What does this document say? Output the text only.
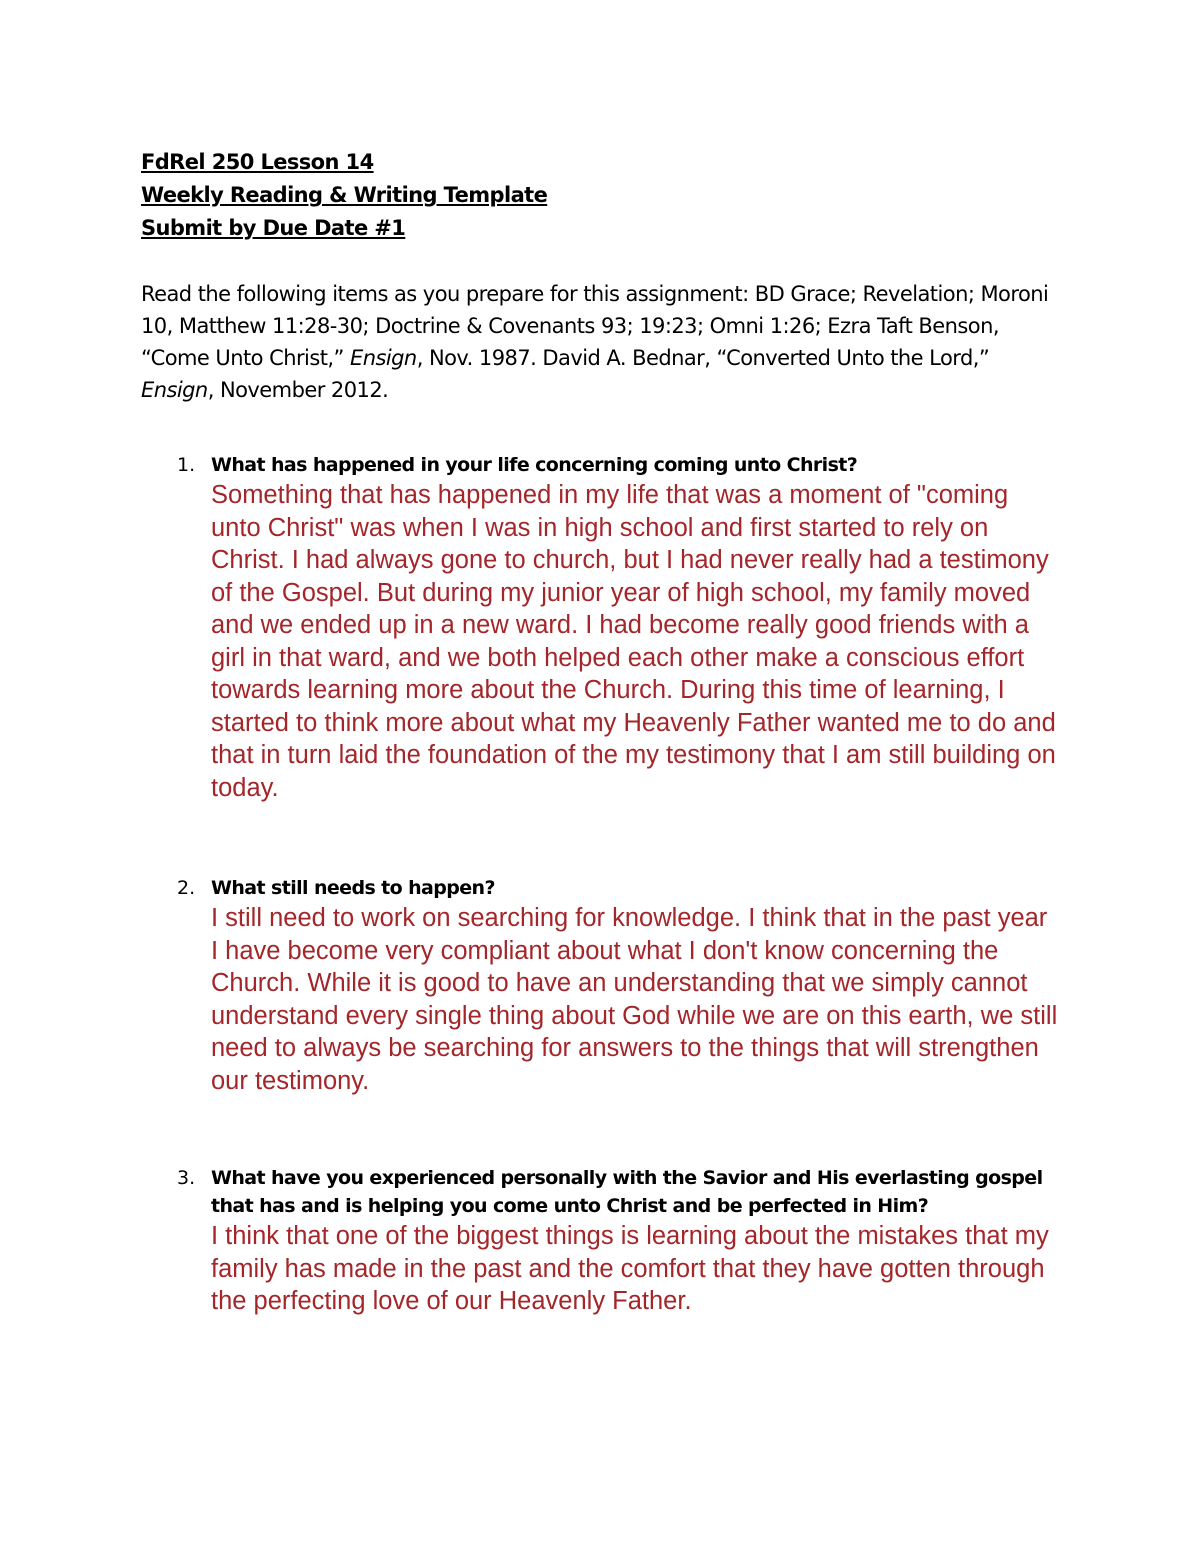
FdRel 250 Lesson 14

Weekly Reading & Writing Template

Submit by Due Date #1

Read the following items as you prepare for this assignment: BD Grace; Revelation; Moroni 10, Matthew 11:28-30; Doctrine & Covenants 93; 19:23; Omni 1:26; Ezra Taft Benson, “Come Unto Christ,” Ensign, Nov. 1987. David A. Bednar, “Converted Unto the Lord,” Ensign, November 2012.
1. What has happened in your life concerning coming unto Christ?

Something that has happened in my life that was a moment of "coming unto Christ" was when I was in high school and first started to rely on Christ. I had always gone to church, but I had never really had a testimony of the Gospel. But during my junior year of high school, my family moved and we ended up in a new ward. I had become really good friends with a girl in that ward, and we both helped each other make a conscious effort towards learning more about the Church. During this time of learning, I started to think more about what my Heavenly Father wanted me to do and that in turn laid the foundation of the my testimony that I am still building on today.

2. What still needs to happen?

I still need to work on searching for knowledge. I think that in the past year I have become very compliant about what I don't know concerning the Church. While it is good to have an understanding that we simply cannot understand every single thing about God while we are on this earth, we still need to always be searching for answers to the things that will strengthen our testimony.

3. What have you experienced personally with the Savior and His everlasting gospel that has and is helping you come unto Christ and be perfected in Him?

I think that one of the biggest things is learning about the mistakes that my family has made in the past and the comfort that they have gotten through the perfecting love of our Heavenly Father.
